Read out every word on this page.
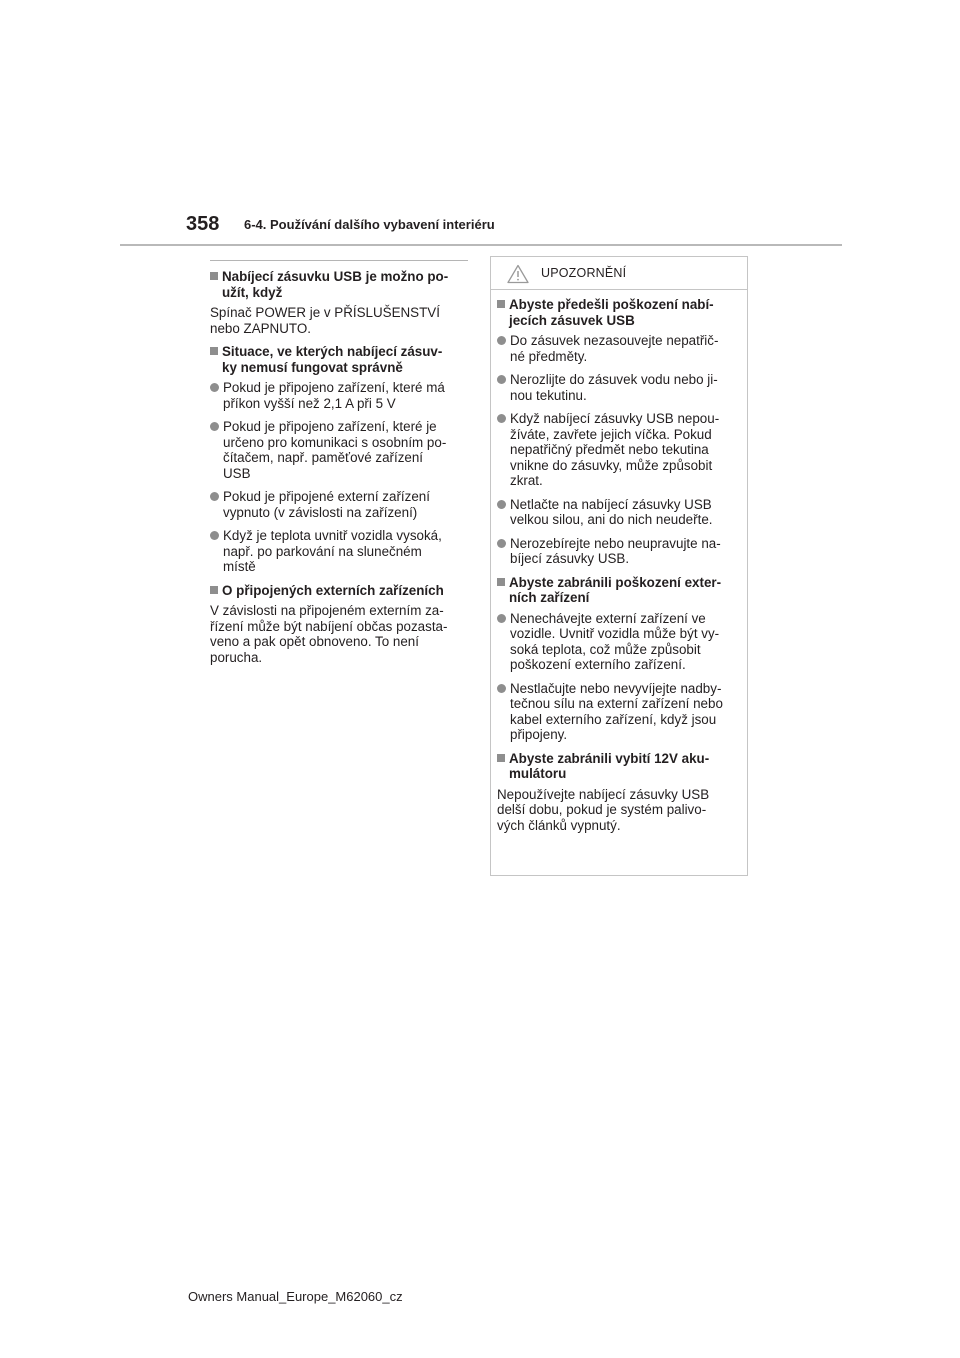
358 6-4. Používání dalšího vybavení interiéru
Nabíjecí zásuvku USB je možno po-
užít, když

Spínač POWER je v PŘÍSLUŠENSTVÍ
nebo ZAPNUTO.

Situace, ve kterých nabíjecí zásuv-
ky nemusí fungovat správně
Pokud je připojeno zařízení, které má
příkon vyšší než 2,1 A při 5 V
Pokud je připojeno zařízení, které je
určeno pro komunikaci s osobním po-
čítačem, např. paměťové zařízení
USB
Pokud je připojené externí zařízení
vypnuto (v závislosti na zařízení)
Když je teplota uvnitř vozidla vysoká,
např. po parkování na slunečném
místě
O připojených externích zařízeních

V závislosti na připojeném externím za-
řízení může být nabíjení občas pozasta-
veno a pak opět obnoveno. To není
porucha.

UPOZORNĚNÍ
Abyste předešli poškození nabí-
jecích zásuvek USB
Do zásuvek nezasouvejte nepatřič-
né předměty.
Nerozlijte do zásuvek vodu nebo ji-
nou tekutinu.
Když nabíjecí zásuvky USB nepou-
žíváte, zavřete jejich víčka. Pokud
nepatřičný předmět nebo tekutina
vnikne do zásuvky, může způsobit
zkrat.
Netlačte na nabíjecí zásuvky USB
velkou silou, ani do nich neudeřte.
Nerozebírejte nebo neupravujte na-
bíjecí zásuvky USB.
Abyste zabránili poškození exter-
ních zařízení
Nenechávejte externí zařízení ve
vozidle. Uvnitř vozidla může být vy-
soká teplota, což může způsobit
poškození externího zařízení.
Nestlačujte nebo nevyvíjejte nadby-
tečnou sílu na externí zařízení nebo
kabel externího zařízení, když jsou
připojeny.
Abyste zabránili vybití 12V aku-
mulátoru

Nepoužívejte nabíjecí zásuvky USB
delší dobu, pokud je systém palivo-
vých článků vypnutý.

Owners Manual_Europe_M62060_cz
